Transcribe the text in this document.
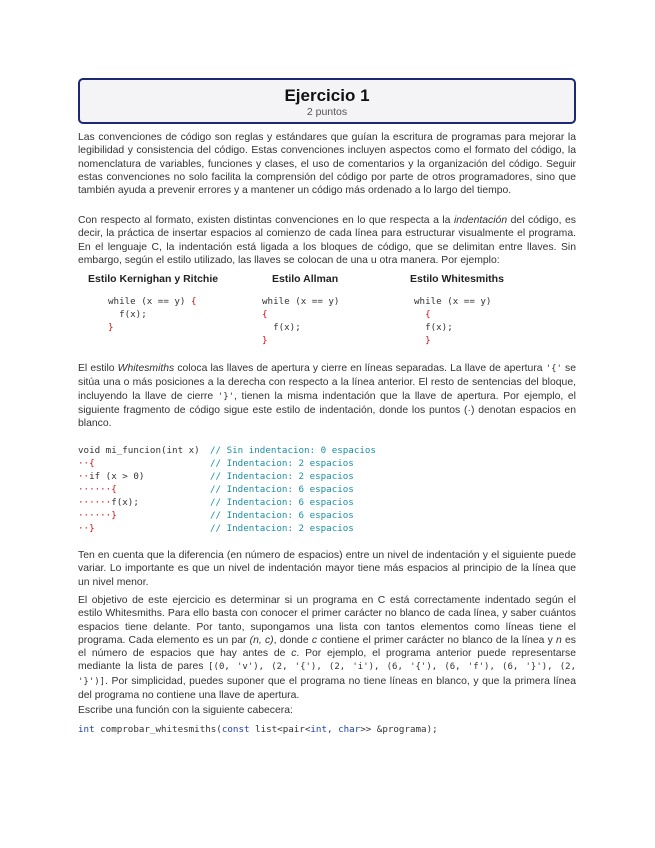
Ejercicio 1
2 puntos

Las convenciones de código son reglas y estándares que guían la escritura de programas para mejorar la legibilidad y consistencia del código. Estas convenciones incluyen aspectos como el formato del código, la nomenclatura de variables, funciones y clases, el uso de comentarios y la organización del código. Seguir estas convenciones no solo facilita la comprensión del código por parte de otros programadores, sino que también ayuda a prevenir errores y a mantener un código más ordenado a lo largo del tiempo.

Con respecto al formato, existen distintas convenciones en lo que respecta a la indentación del código, es decir, la práctica de insertar espacios al comienzo de cada línea para estructurar visualmente el programa. En el lenguaje C, la indentación está ligada a los bloques de código, que se delimitan entre llaves. Sin embargo, según el estilo utilizado, las llaves se colocan de una u otra manera. Por ejemplo:

Estilo Kernighan y Ritchie
while (x == y) {
f(x);
}
Estilo Allman
while (x == y)
{
f(x);
}
Estilo Whitesmiths
while (x == y)
{
f(x);
}

El estilo Whitesmiths coloca las llaves de apertura y cierre en líneas separadas. La llave de apertura '{' se sitúa una o más posiciones a la derecha con respecto a la línea anterior. El resto de sentencias del bloque, incluyendo la llave de cierre '}', tienen la misma indentación que la llave de apertura. Por ejemplo, el siguiente fragmento de código sigue este estilo de indentación, donde los puntos (·) denotan espacios en blanco.

void mi_funcion(int x) // Sin indentacion: 0 espacios
··{	// Indentacion: 2 espacios
··if (x > 0)	// Indentacion: 2 espacios
······{	// Indentacion: 6 espacios
······f(x);	// Indentacion: 6 espacios
······}	// Indentacion: 6 espacios
··}	// Indentacion: 2 espacios

Ten en cuenta que la diferencia (en número de espacios) entre un nivel de indentación y el siguiente puede variar. Lo importante es que un nivel de indentación mayor tiene más espacios al principio de la línea que un nivel menor.

El objetivo de este ejercicio es determinar si un programa en C está correctamente indentado según el estilo Whitesmiths. Para ello basta con conocer el primer carácter no blanco de cada línea, y saber cuántos espacios tiene delante. Por tanto, supongamos una lista con tantos elementos como líneas tiene el programa. Cada elemento es un par (n, c), donde c contiene el primer carácter no blanco de la línea y n es el número de espacios que hay antes de c. Por ejemplo, el programa anterior puede representarse mediante la lista de pares [(0, 'v'), (2, '{'), (2, 'i'), (6, '{'), (6, 'f'), (6, '}'), (2, '}')]. Por simplicidad, puedes suponer que el programa no tiene líneas en blanco, y que la primera línea del programa no contiene una llave de apertura.

Escribe una función con la siguiente cabecera:

int comprobar_whitesmiths(const list<pair<int, char>> &programa);
